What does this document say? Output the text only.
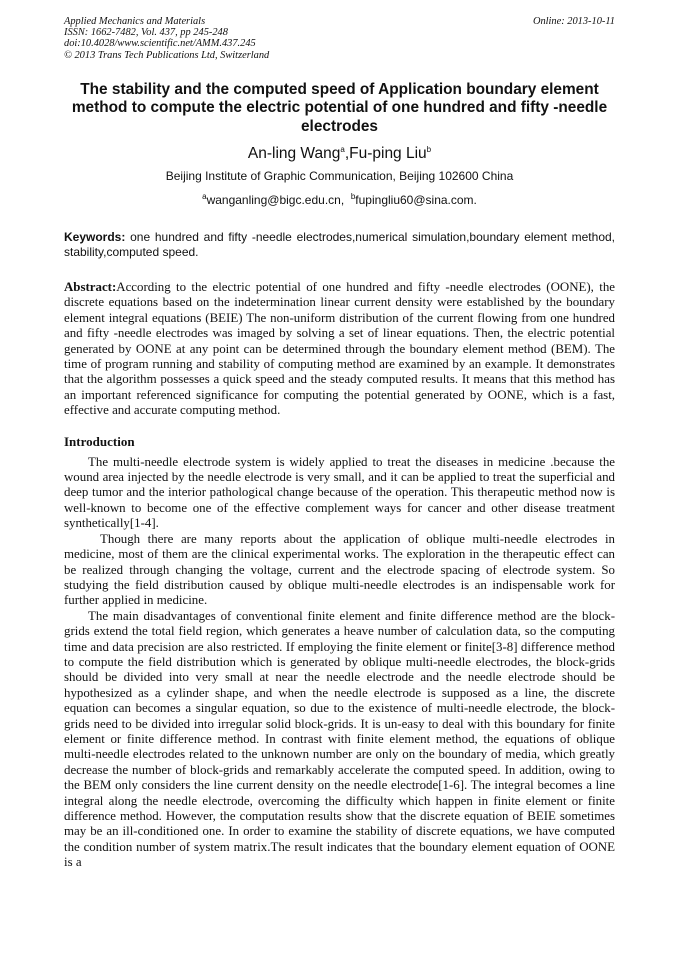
Applied Mechanics and Materials
ISSN: 1662-7482, Vol. 437, pp 245-248
doi:10.4028/www.scientific.net/AMM.437.245
© 2013 Trans Tech Publications Ltd, Switzerland
Online: 2013-10-11
The stability and the computed speed of Application boundary element method to compute the electric potential of one hundred and fifty -needle electrodes
An-ling Wang$^a$,Fu-ping Liu$^b$
Beijing Institute of Graphic Communication, Beijing 102600 China
$^a$wanganling@bigc.edu.cn, $^b$fupingliu60@sina.com.
Keywords: one hundred and fifty -needle electrodes,numerical simulation,boundary element method, stability,computed speed.
Abstract:According to the electric potential of one hundred and fifty -needle electrodes (OONE), the discrete equations based on the indetermination linear current density were established by the boundary element integral equations (BEIE) The non-uniform distribution of the current flowing from one hundred and fifty -needle electrodes was imaged by solving a set of linear equations. Then, the electric potential generated by OONE at any point can be determined through the boundary element method (BEM). The time of program running and stability of computing method are examined by an example. It demonstrates that the algorithm possesses a quick speed and the steady computed results. It means that this method has an important referenced significance for computing the potential generated by OONE, which is a fast, effective and accurate computing method.
Introduction

The multi-needle electrode system is widely applied to treat the diseases in medicine .because the wound area injected by the needle electrode is very small, and it can be applied to treat the superficial and deep tumor and the interior pathological change because of the operation. This therapeutic method now is well-known to become one of the effective complement ways for cancer and other disease treatment synthetically[1-4].

Though there are many reports about the application of oblique multi-needle electrodes in medicine, most of them are the clinical experimental works. The exploration in the therapeutic effect can be realized through changing the voltage, current and the electrode spacing of electrode system. So studying the field distribution caused by oblique multi-needle electrodes is an indispensable work for further applied in medicine.

The main disadvantages of conventional finite element and finite difference method are the block-grids extend the total field region, which generates a heave number of calculation data, so the computing time and data precision are also restricted. If employing the finite element or finite[3-8] difference method to compute the field distribution which is generated by oblique multi-needle electrodes, the block-grids should be divided into very small at near the needle electrode and the needle electrode should be hypothesized as a cylinder shape, and when the needle electrode is supposed as a line, the discrete equation can becomes a singular equation, so due to the existence of multi-needle electrode, the block-grids need to be divided into irregular solid block-grids. It is un-easy to deal with this boundary for finite element or finite difference method. In contrast with finite element method, the equations of oblique multi-needle electrodes related to the unknown number are only on the boundary of media, which greatly decrease the number of block-grids and remarkably accelerate the computed speed. In addition, owing to the BEM only considers the line current density on the needle electrode[1-6]. The integral becomes a line integral along the needle electrode, overcoming the difficulty which happen in finite element or finite difference method. However, the computation results show that the discrete equation of BEIE sometimes may be an ill-conditioned one. In order to examine the stability of discrete equations, we have computed the condition number of system matrix.The result indicates that the boundary element equation of OONE is a
